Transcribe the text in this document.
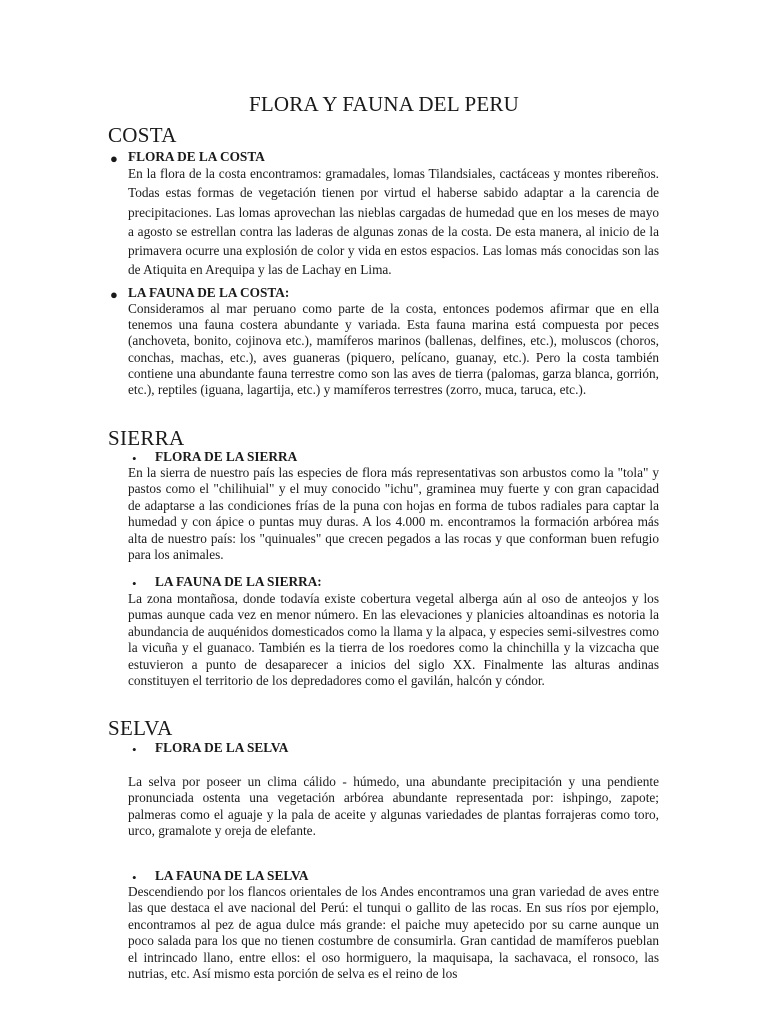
FLORA Y FAUNA DEL PERU
COSTA
● FLORA DE LA COSTA

En la flora de la costa encontramos: gramadales, lomas Tilandsiales, cactáceas y montes ribereños. Todas estas formas de vegetación tienen por virtud el haberse sabido adaptar a la carencia de precipitaciones. Las lomas aprovechan las nieblas cargadas de humedad que en los meses de mayo a agosto se estrellan contra las laderas de algunas zonas de la costa. De esta manera, al inicio de la primavera ocurre una explosión de color y vida en estos espacios. Las lomas más conocidas son las de Atiquita en Arequipa y las de Lachay en Lima.

● LA FAUNA DE LA COSTA:

Consideramos al mar peruano como parte de la costa, entonces podemos afirmar que en ella tenemos una fauna costera abundante y variada. Esta fauna marina está compuesta por peces (anchoveta, bonito, cojinova etc.), mamíferos marinos (ballenas, delfines, etc.), moluscos (choros, conchas, machas, etc.), aves guaneras (piquero, pelícano, guanay, etc.). Pero la costa también contiene una abundante fauna terrestre como son las aves de tierra (palomas, garza blanca, gorrión, etc.), reptiles (iguana, lagartija, etc.) y mamíferos terrestres (zorro, muca, taruca, etc.).

SIERRA
• FLORA DE LA SIERRA

En la sierra de nuestro país las especies de flora más representativas son arbustos como la "tola" y pastos como el "chilihuial" y el muy conocido "ichu", graminea muy fuerte y con gran capacidad de adaptarse a las condiciones frías de la puna con hojas en forma de tubos radiales para captar la humedad y con ápice o puntas muy duras. A los 4.000 m. encontramos la formación arbórea más alta de nuestro país: los "quinuales" que crecen pegados a las rocas y que conforman buen refugio para los animales.

• LA FAUNA DE LA SIERRA:

La zona montañosa, donde todavía existe cobertura vegetal alberga aún al oso de anteojos y los pumas aunque cada vez en menor número. En las elevaciones y planicies altoandinas es notoria la abundancia de auquénidos domesticados como la llama y la alpaca, y especies semi-silvestres como la vicuña y el guanaco. También es la tierra de los roedores como la chinchilla y la vizcacha que estuvieron a punto de desaparecer a inicios del siglo XX. Finalmente las alturas andinas constituyen el territorio de los depredadores como el gavilán, halcón y cóndor.

SELVA
• FLORA DE LA SELVA

La selva por poseer un clima cálido - húmedo, una abundante precipitación y una pendiente pronunciada ostenta una vegetación arbórea abundante representada por: ishpingo, zapote; palmeras como el aguaje y la pala de aceite y algunas variedades de plantas forrajeras como toro, urco, gramalote y oreja de elefante.

• LA FAUNA DE LA SELVA

Descendiendo por los flancos orientales de los Andes encontramos una gran variedad de aves entre las que destaca el ave nacional del Perú: el tunqui o gallito de las rocas. En sus ríos por ejemplo, encontramos al pez de agua dulce más grande: el paiche muy apetecido por su carne aunque un poco salada para los que no tienen costumbre de consumirla. Gran cantidad de mamíferos pueblan el intrincado llano, entre ellos: el oso hormiguero, la maquisapa, la sachavaca, el ronsoco, las nutrias, etc. Así mismo esta porción de selva es el reino de los
